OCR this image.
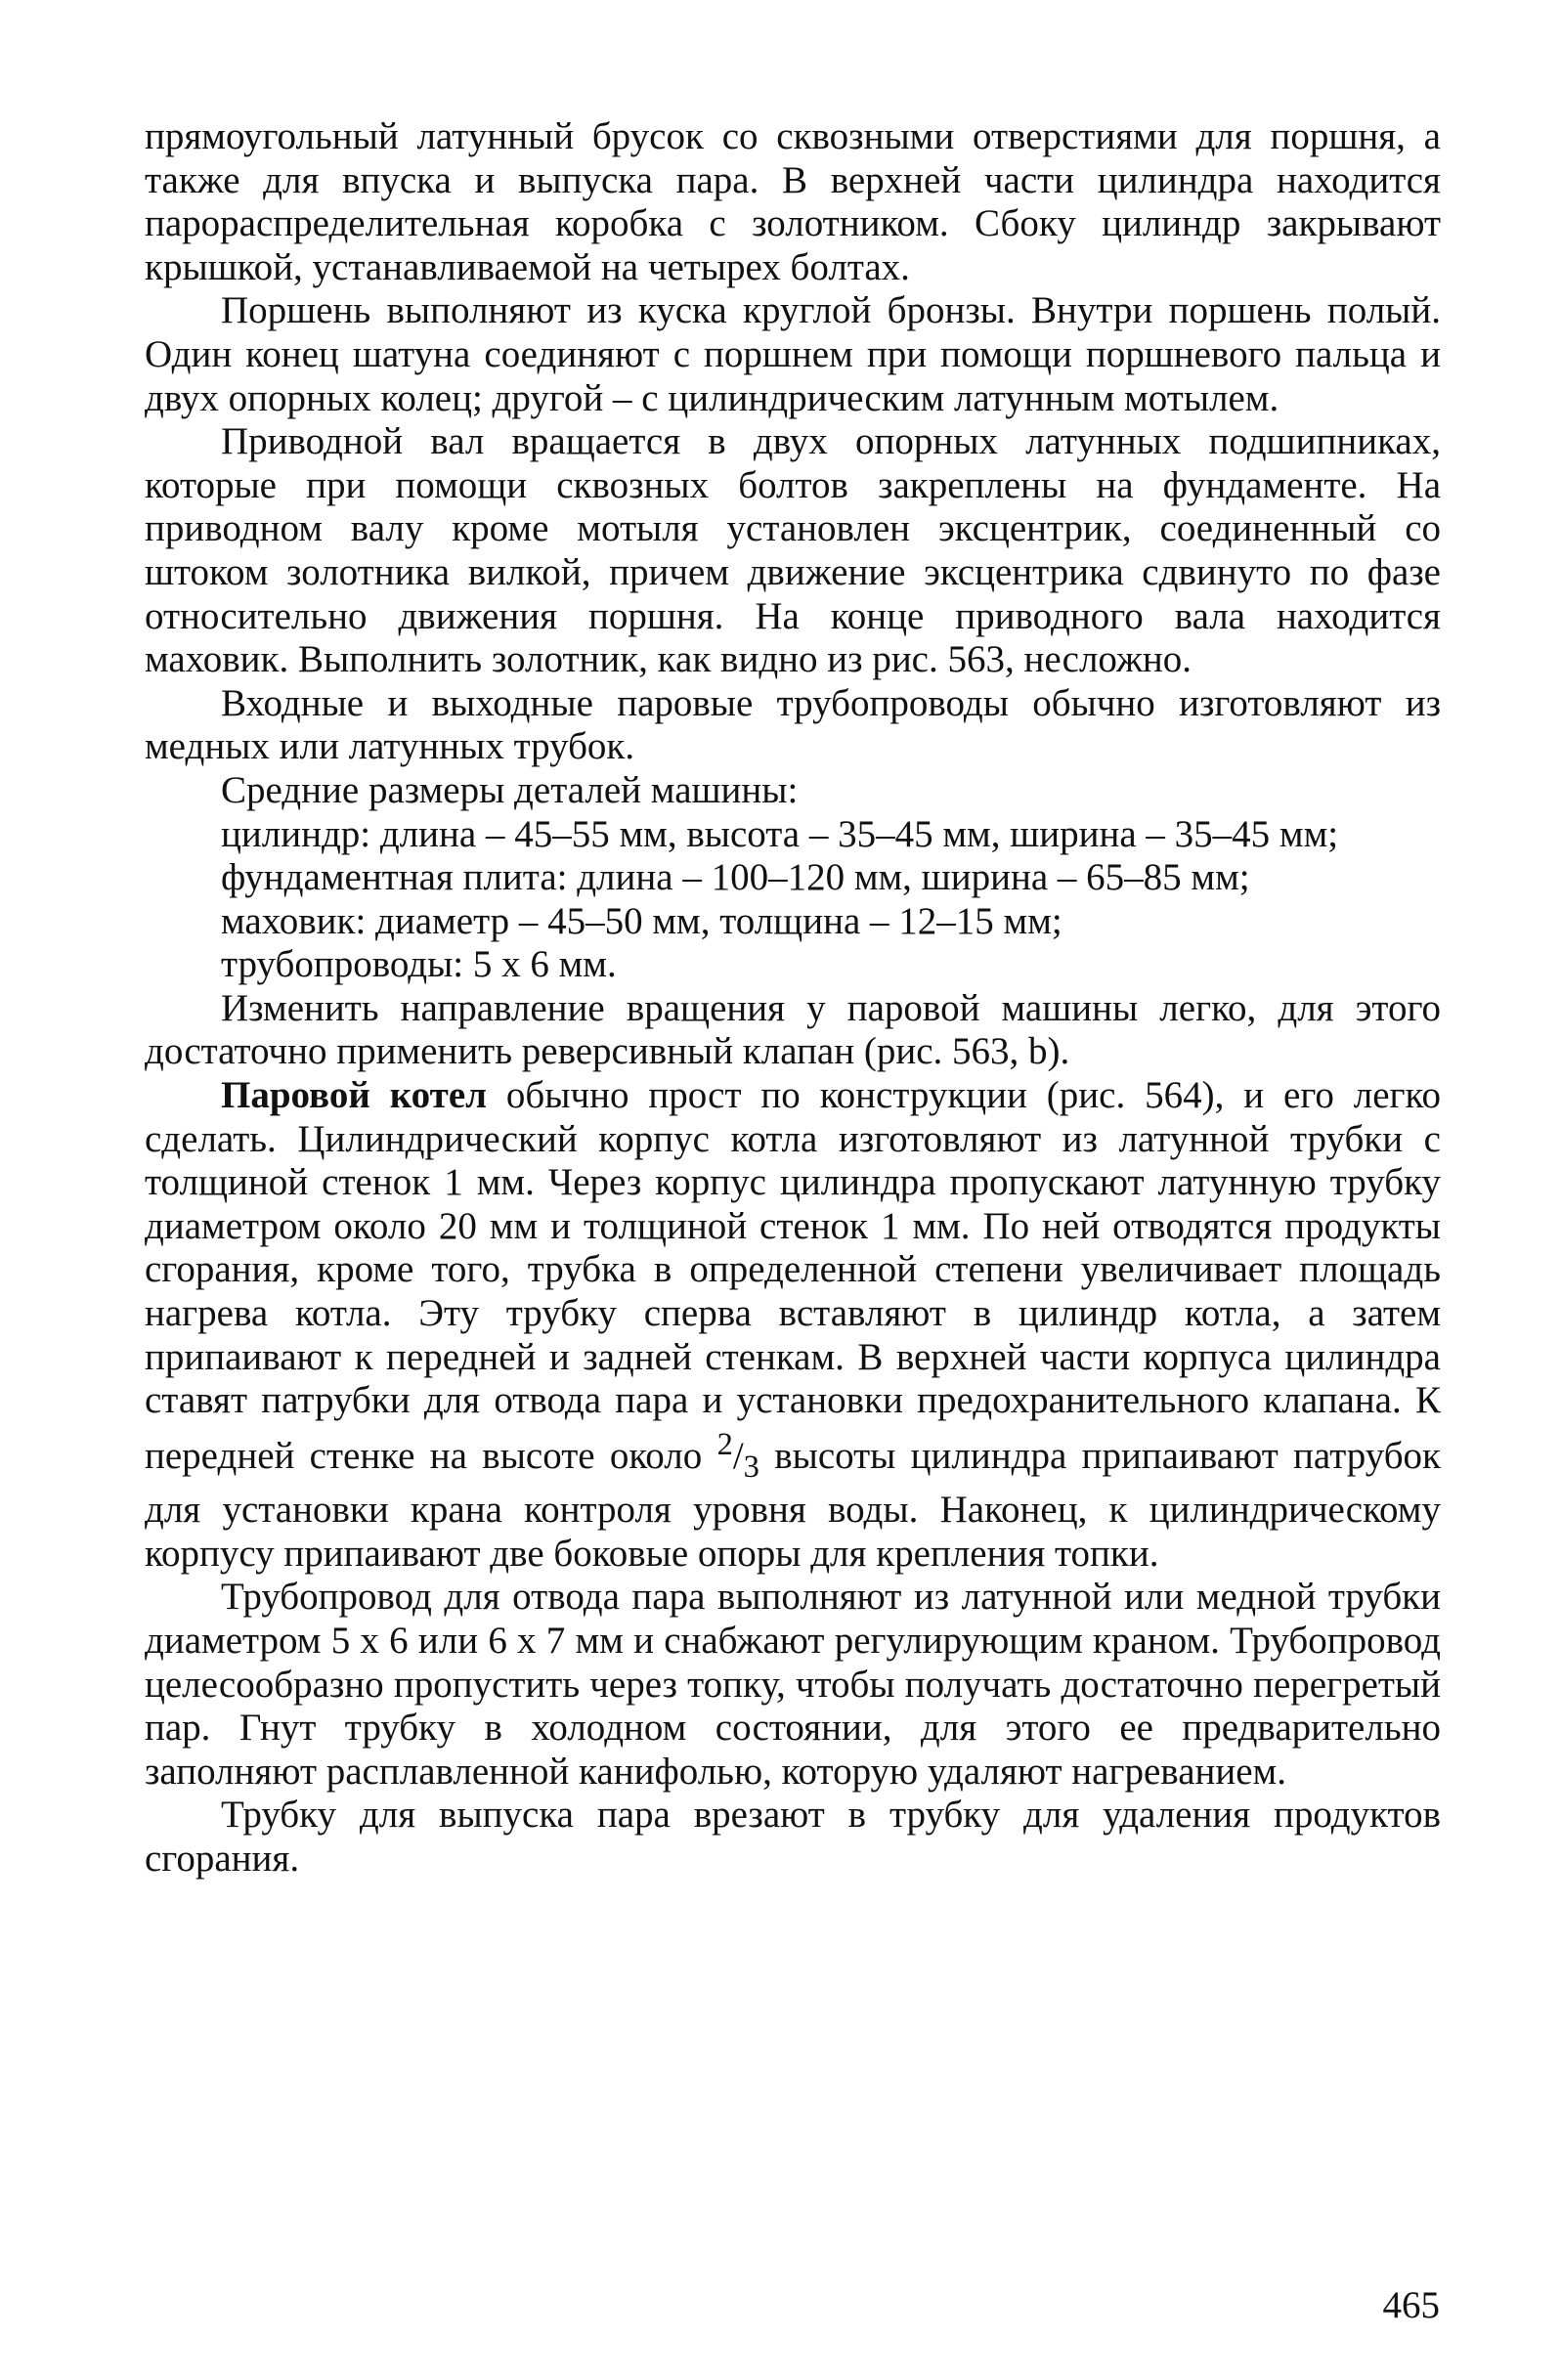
прямоугольный латунный брусок со сквозными отверстиями для поршня, а также для впуска и выпуска пара. В верхней части цилиндра находится парораспределительная коробка с золотником. Сбоку цилиндр закрывают крышкой, устанавливаемой на четырех болтах.

Поршень выполняют из куска круглой бронзы. Внутри поршень полый. Один конец шатуна соединяют с поршнем при помощи поршневого пальца и двух опорных колец; другой – с цилиндрическим латунным мотылем.

Приводной вал вращается в двух опорных латунных подшипниках, которые при помощи сквозных болтов закреплены на фундаменте. На приводном валу кроме мотыля установлен эксцентрик, соединенный со штоком золотника вилкой, причем движение эксцентрика сдвинуто по фазе относительно движения поршня. На конце приводного вала находится маховик. Выполнить золотник, как видно из рис. 563, несложно.

Входные и выходные паровые трубопроводы обычно изготовляют из медных или латунных трубок.

Средние размеры деталей машины:

цилиндр: длина – 45–55 мм, высота – 35–45 мм, ширина – 35–45 мм;

фундаментная плита: длина – 100–120 мм, ширина – 65–85 мм;

маховик: диаметр – 45–50 мм, толщина – 12–15 мм;

трубопроводы: 5 х 6 мм.

Изменить направление вращения у паровой машины легко, для этого достаточно применить реверсивный клапан (рис. 563, b).

Паровой котел обычно прост по конструкции (рис. 564), и его легко сделать. Цилиндрический корпус котла изготовляют из латунной трубки с толщиной стенок 1 мм. Через корпус цилиндра пропускают латунную трубку диаметром около 20 мм и толщиной стенок 1 мм. По ней отводятся продукты сгорания, кроме того, трубка в определенной степени увеличивает площадь нагрева котла. Эту трубку сперва вставляют в цилиндр котла, а затем припаивают к передней и задней стенкам. В верхней части корпуса цилиндра ставят патрубки для отвода пара и установки предохранительного клапана. К передней стенке на высоте около $^2/_3$ высоты цилиндра припаивают патрубок для установки крана контроля уровня воды. Наконец, к цилиндрическому корпусу припаивают две боковые опоры для крепления топки.

Трубопровод для отвода пара выполняют из латунной или медной трубки диаметром 5 х 6 или 6 х 7 мм и снабжают регулирующим краном. Трубопровод целесообразно пропустить через топку, чтобы получать достаточно перегретый пар. Гнут трубку в холодном состоянии, для этого ее предварительно заполняют расплавленной канифолью, которую удаляют нагреванием.

Трубку для выпуска пара врезают в трубку для удаления продуктов сгорания.

465
